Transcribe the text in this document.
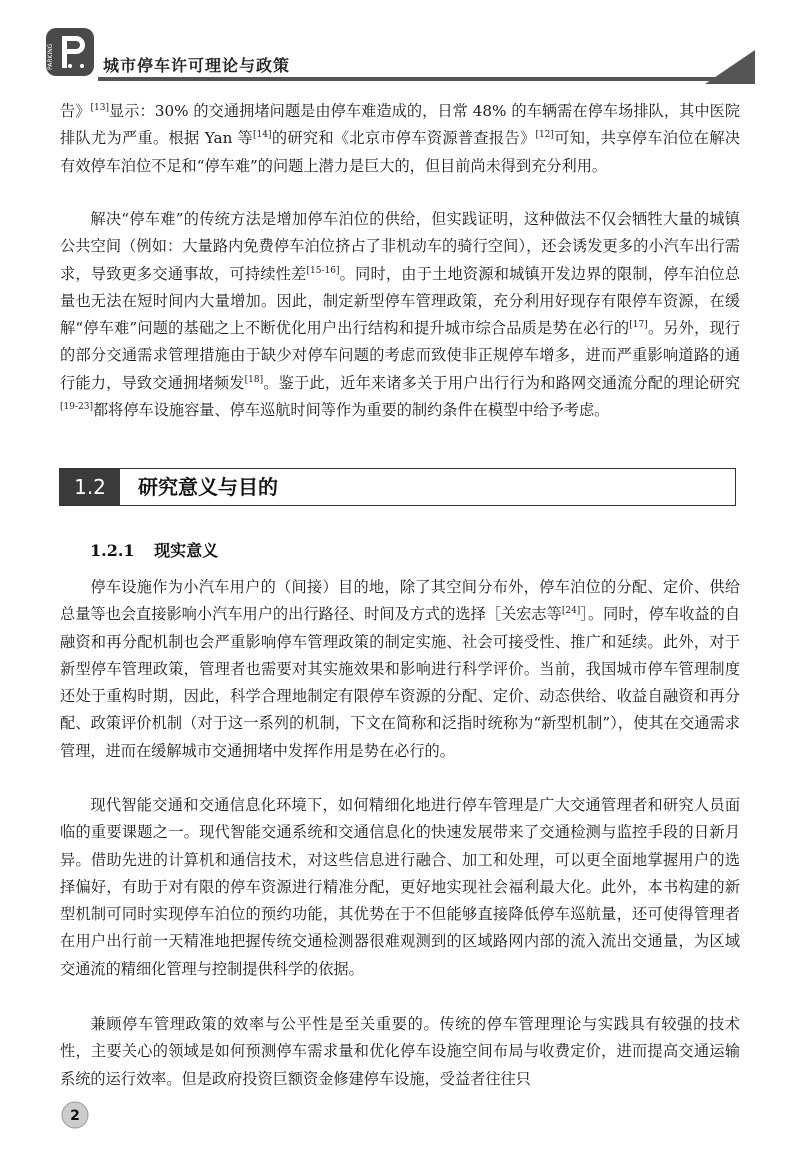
PARKING	城市停车许可理论与政策

告》[13]显示：30% 的交通拥堵问题是由停车难造成的，日常 48% 的车辆需在停车场排队，其中医院排队尤为严重。根据 Yan 等[14]的研究和《北京市停车资源普查报告》[12]可知，共享停车泊位在解决有效停车泊位不足和“停车难”的问题上潜力是巨大的，但目前尚未得到充分利用。

解决“停车难”的传统方法是增加停车泊位的供给，但实践证明，这种做法不仅会牺牲大量的城镇公共空间（例如：大量路内免费停车泊位挤占了非机动车的骑行空间），还会诱发更多的小汽车出行需求，导致更多交通事故，可持续性差[15-16]。同时，由于土地资源和城镇开发边界的限制，停车泊位总量也无法在短时间内大量增加。因此，制定新型停车管理政策，充分利用好现存有限停车资源，在缓解“停车难”问题的基础之上不断优化用户出行结构和提升城市综合品质是势在必行的[17]。另外，现行的部分交通需求管理措施由于缺少对停车问题的考虑而致使非正规停车增多，进而严重影响道路的通行能力，导致交通拥堵频发[18]。鉴于此，近年来诸多关于用户出行行为和路网交通流分配的理论研究[19-23]都将停车设施容量、停车巡航时间等作为重要的制约条件在模型中给予考虑。

1.2	研究意义与目的
1.2.1 现实意义

停车设施作为小汽车用户的（间接）目的地，除了其空间分布外，停车泊位的分配、定价、供给总量等也会直接影响小汽车用户的出行路径、时间及方式的选择［关宏志等[24]］。同时，停车收益的自融资和再分配机制也会严重影响停车管理政策的制定实施、社会可接受性、推广和延续。此外，对于新型停车管理政策，管理者也需要对其实施效果和影响进行科学评价。当前，我国城市停车管理制度还处于重构时期，因此，科学合理地制定有限停车资源的分配、定价、动态供给、收益自融资和再分配、政策评价机制（对于这一系列的机制，下文在简称和泛指时统称为“新型机制”），使其在交通需求管理，进而在缓解城市交通拥堵中发挥作用是势在必行的。

现代智能交通和交通信息化环境下，如何精细化地进行停车管理是广大交通管理者和研究人员面临的重要课题之一。现代智能交通系统和交通信息化的快速发展带来了交通检测与监控手段的日新月异。借助先进的计算机和通信技术，对这些信息进行融合、加工和处理，可以更全面地掌握用户的选择偏好，有助于对有限的停车资源进行精准分配，更好地实现社会福利最大化。此外，本书构建的新型机制可同时实现停车泊位的预约功能，其优势在于不但能够直接降低停车巡航量，还可使得管理者在用户出行前一天精准地把握传统交通检测器很难观测到的区域路网内部的流入流出交通量，为区域交通流的精细化管理与控制提供科学的依据。

兼顾停车管理政策的效率与公平性是至关重要的。传统的停车管理理论与实践具有较强的技术性，主要关心的领域是如何预测停车需求量和优化停车设施空间布局与收费定价，进而提高交通运输系统的运行效率。但是政府投资巨额资金修建停车设施，受益者往往只

2
